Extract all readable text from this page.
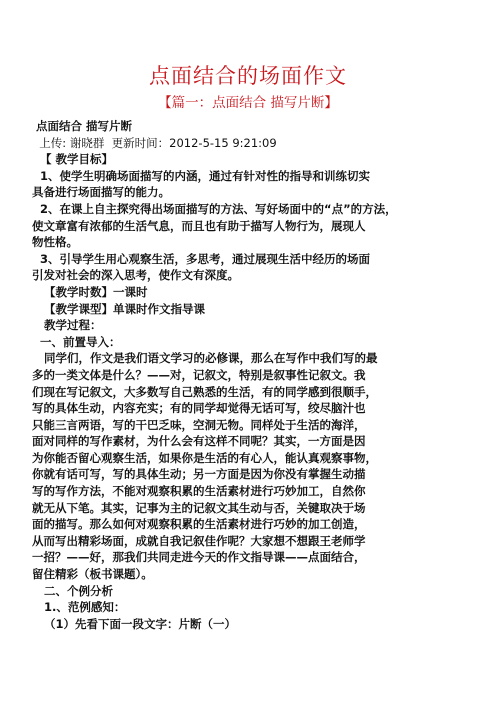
点面结合的场面作文
【篇一：点面结合 描写片断】
点面结合 描写片断
上传: 谢晓群  更新时间：2012-5-15 9:21:09
【 教学目标】
1、使学生明确场面描写的内涵，通过有针对性的指导和训练切实
具备进行场面描写的能力。
2、在课上自主探究得出场面描写的方法、写好场面中的“点”的方法，
使文章富有浓郁的生活气息，而且也有助于描写人物行为，展现人
物性格。
3、引导学生用心观察生活，多思考，通过展现生活中经历的场面
引发对社会的深入思考，使作文有深度。
【教学时数】一课时
【教学课型】单课时作文指导课
教学过程：
一、前置导入：
同学们，作文是我们语文学习的必修课，那么在写作中我们写的最
多的一类文体是什么？——对，记叙文，特别是叙事性记叙文。我
们现在写记叙文，大多数写自己熟悉的生活，有的同学感到很顺手，
写的具体生动，内容充实；有的同学却觉得无话可写，绞尽脑汁也
只能三言两语，写的干巴乏味，空洞无物。同样处于生活的海洋，
面对同样的写作素材，为什么会有这样不同呢？其实，一方面是因
为你能否留心观察生活，如果你是生活的有心人，能认真观察事物，
你就有话可写，写的具体生动；另一方面是因为你没有掌握生动描
写的写作方法，不能对观察积累的生活素材进行巧妙加工，自然你
就无从下笔。其实，记事为主的记叙文其生动与否，关键取决于场
面的描写。那么如何对观察积累的生活素材进行巧妙的加工创造，
从而写出精彩场面，成就自我记叙佳作呢？大家想不想跟王老师学
一招？——好，那我们共同走进今天的作文指导课——点面结合，
留住精彩（板书课题）。
二、个例分析
1.、范例感知：
（1）先看下面一段文字：片断（一）
